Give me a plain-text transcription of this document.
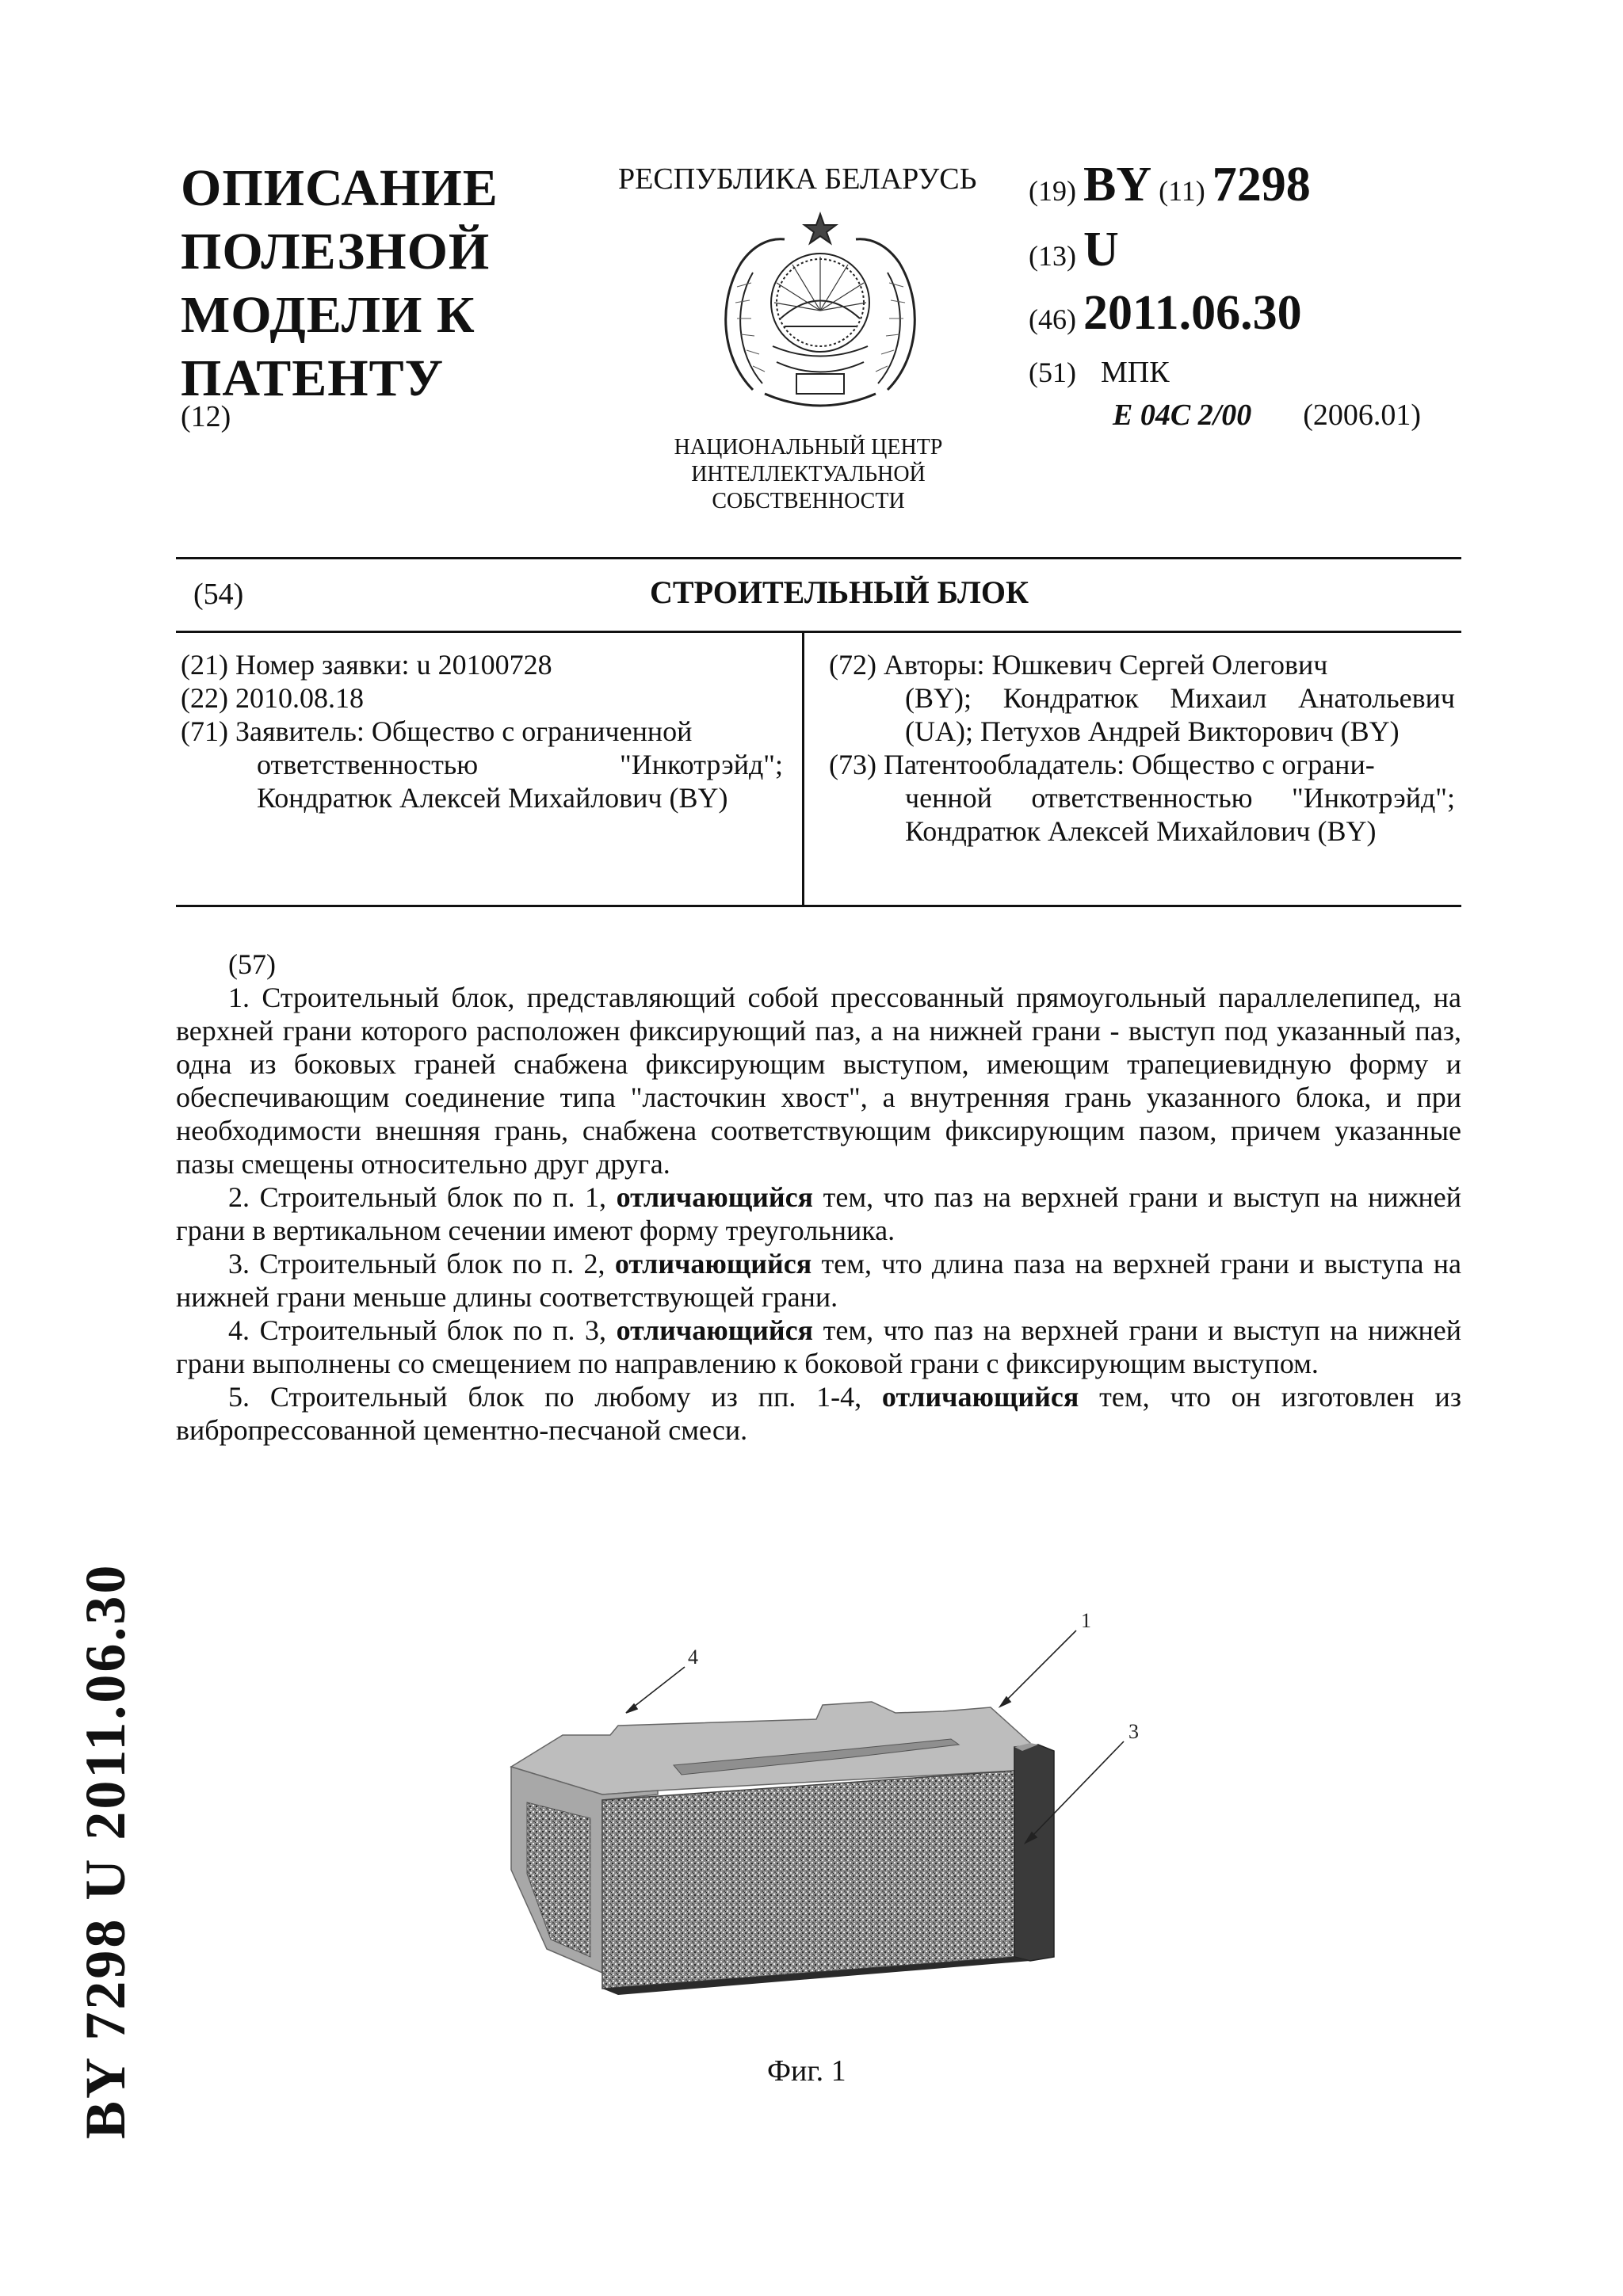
ОПИСАНИЕ
ПОЛЕЗНОЙ
МОДЕЛИ К
ПАТЕНТУ
(12)
РЕСПУБЛИКА БЕЛАРУСЬ
НАЦИОНАЛЬНЫЙ ЦЕНТР
ИНТЕЛЛЕКТУАЛЬНОЙ
СОБСТВЕННОСТИ
(19) BY (11) 7298
(13) U
(46) 2011.06.30
(51) МПК
E 04C 2/00 (2006.01)
(54)	СТРОИТЕЛЬНЫЙ БЛОК
(21) Номер заявки: u 20100728
(22) 2010.08.18
(71) Заявитель: Общество с ограниченной
ответственностью "Инкотрэйд"; Кондратюк Алексей Михайлович (BY)
(72) Авторы: Юшкевич Сергей Олегович
(BY); Кондратюк Михаил Анатольевич (UA); Петухов Андрей Викторович (BY)
(73) Патентообладатель: Общество с ограни-
ченной ответственностью "Инкотрэйд"; Кондратюк Алексей Михайлович (BY)

(57)

1. Строительный блок, представляющий собой прессованный прямоугольный параллелепипед, на верхней грани которого расположен фиксирующий паз, а на нижней грани - выступ под указанный паз, одна из боковых граней снабжена фиксирующим выступом, имеющим трапециевидную форму и обеспечивающим соединение типа "ласточкин хвост", а внутренняя грань указанного блока, и при необходимости внешняя грань, снабжена соответствующим фиксирующим пазом, причем указанные пазы смещены относительно друг друга.

2. Строительный блок по п. 1, отличающийся тем, что паз на верхней грани и выступ на нижней грани в вертикальном сечении имеют форму треугольника.

3. Строительный блок по п. 2, отличающийся тем, что длина паза на верхней грани и выступа на нижней грани меньше длины соответствующей грани.

4. Строительный блок по п. 3, отличающийся тем, что паз на верхней грани и выступ на нижней грани выполнены со смещением по направлению к боковой грани с фиксирующим выступом.

5. Строительный блок по любому из пп. 1-4, отличающийся тем, что он изготовлен из вибропрессованной цементно-песчаной смеси.

4
1
3
Фиг. 1
BY 7298 U 2011.06.30
